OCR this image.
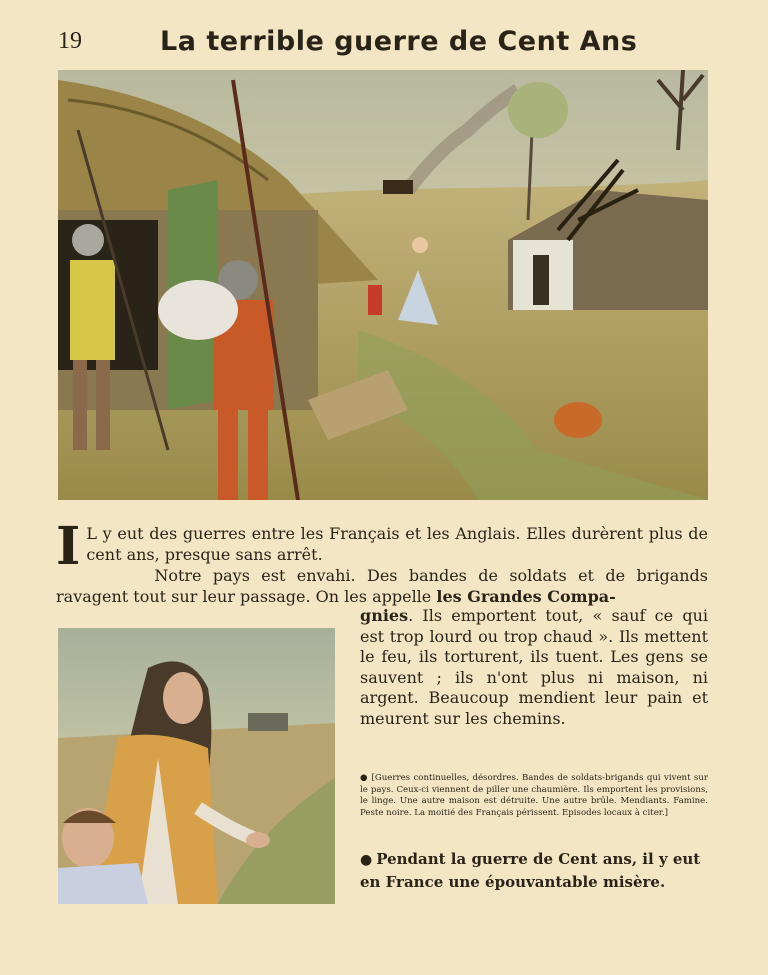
19	La terrible guerre de Cent Ans

I L y eut des guerres entre les Français et les Anglais. Elles durèrent plus de cent ans, presque sans arrêt.

Notre pays est envahi. Des bandes de soldats et de brigands ravagent tout sur leur passage. On les appelle les Grandes Compa-

gnies. Ils emportent tout, « sauf ce qui est trop lourd ou trop chaud ». Ils mettent le feu, ils torturent, ils tuent. Les gens se sauvent ; ils n'ont plus ni maison, ni argent. Beaucoup mendient leur pain et meurent sur les chemins.

● [Guerres continuelles, désordres. Bandes de soldats-brigands qui vivent sur le pays. Ceux-ci viennent de piller une chaumière. Ils emportent les provisions, le linge. Une autre maison est détruite. Une autre brûle. Mendiants. Famine. Peste noire. La moitié des Français périssent. Episodes locaux à citer.]
● Pendant la guerre de Cent ans, il y eut en France une épouvantable misère.
